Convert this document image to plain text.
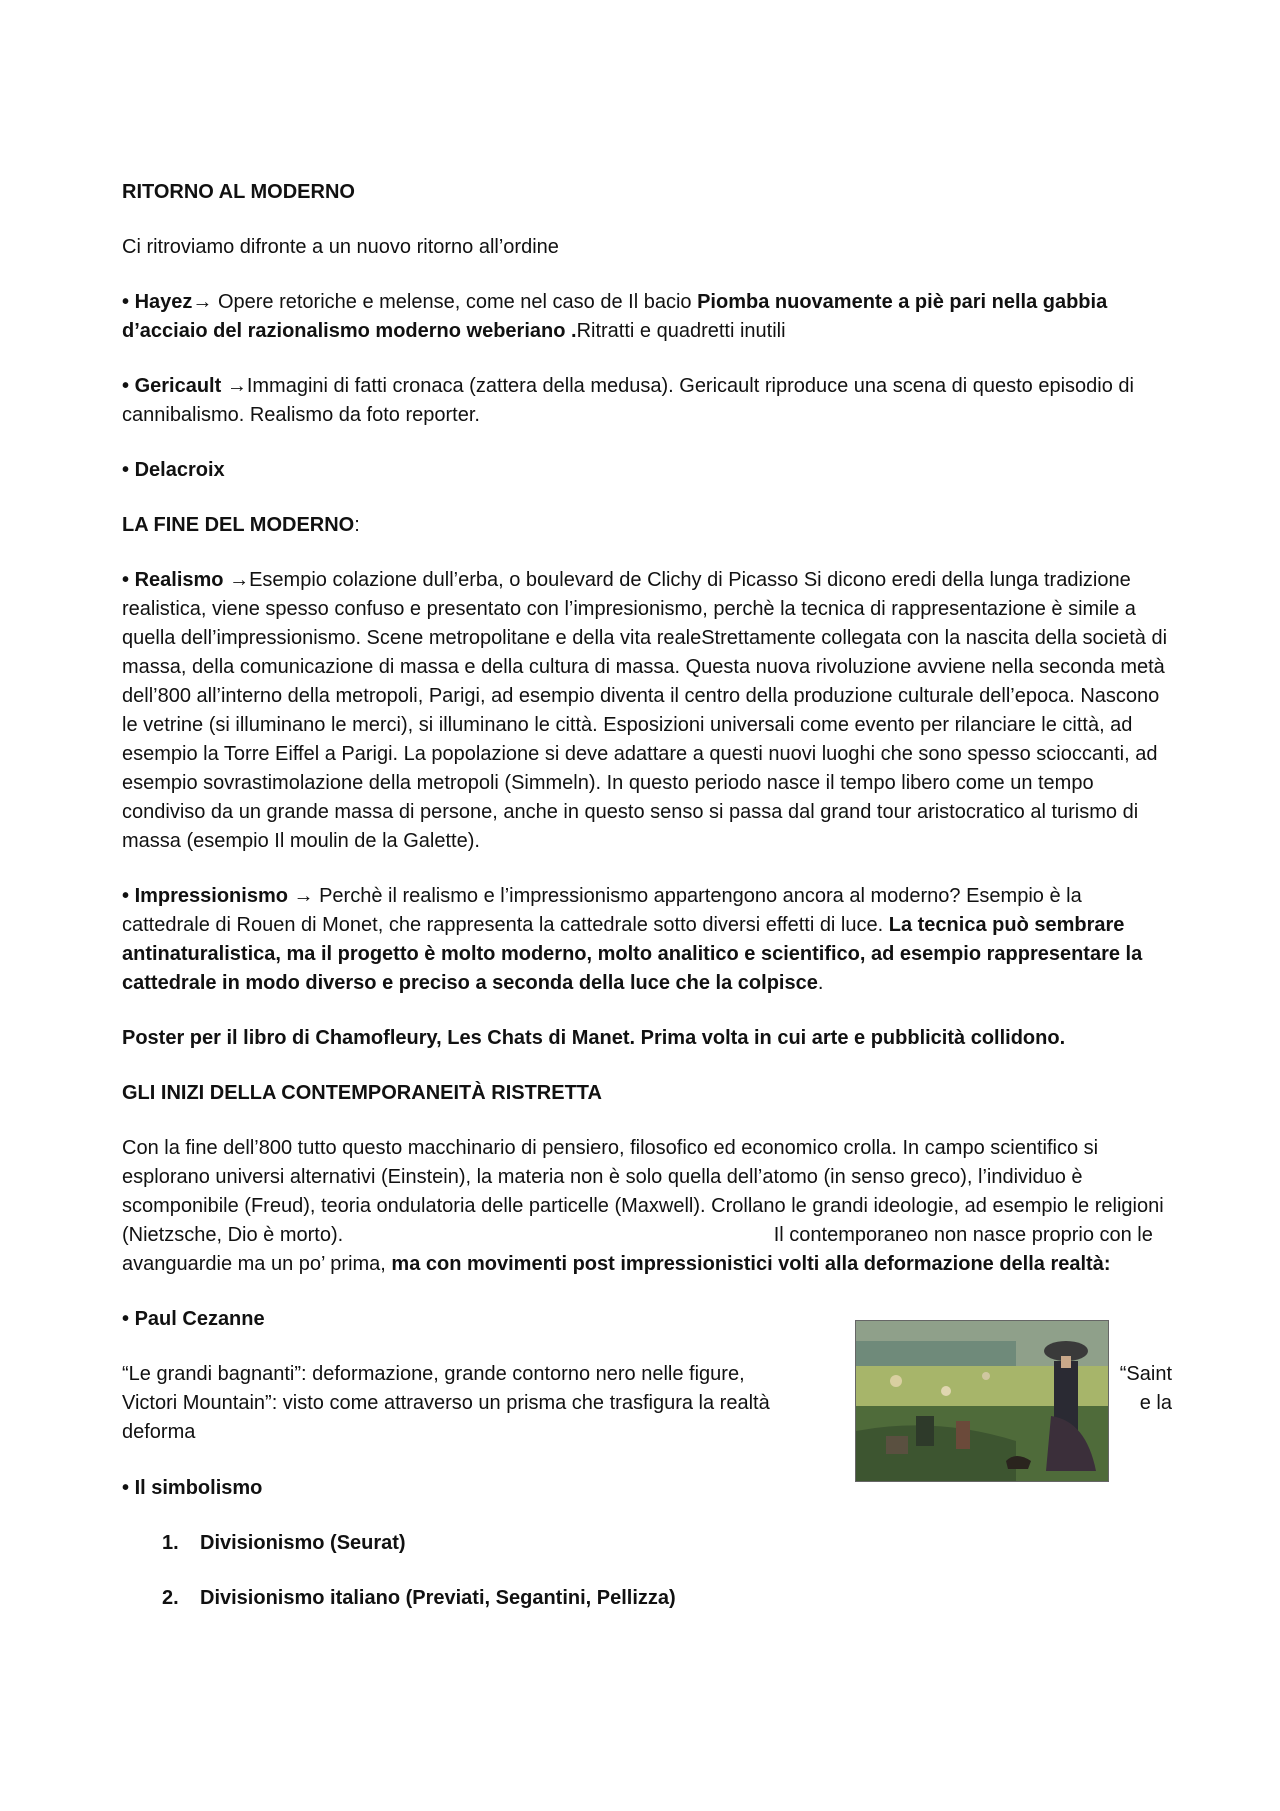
RITORNO AL MODERNO

Ci ritroviamo difronte a un nuovo ritorno all’ordine

• Hayez→ Opere retoriche e melense, come nel caso de Il bacio Piomba nuovamente a piè pari nella gabbia d’acciaio del razionalismo moderno weberiano .Ritratti e quadretti inutili

• Gericault →Immagini di fatti cronaca (zattera della medusa). Gericault riproduce una scena di questo episodio di cannibalismo. Realismo da foto reporter.

• Delacroix

LA FINE DEL MODERNO:

• Realismo →Esempio colazione dull’erba, o boulevard de Clichy di Picasso Si dicono eredi della lunga tradizione realistica, viene spesso confuso e presentato con l’impresionismo, perchè la tecnica di rappresentazione è simile a quella dell’impressionismo. Scene metropolitane e della vita realeStrettamente collegata con la nascita della società di massa, della comunicazione di massa e della cultura di massa. Questa nuova rivoluzione avviene nella seconda metà dell’800 all’interno della metropoli, Parigi, ad esempio diventa il centro della produzione culturale dell’epoca. Nascono le vetrine (si illuminano le merci), si illuminano le città. Esposizioni universali come evento per rilanciare le città, ad esempio la Torre Eiffel a Parigi. La popolazione si deve adattare a questi nuovi luoghi che sono spesso scioccanti, ad esempio sovrastimolazione della metropoli (Simmeln). In questo periodo nasce il tempo libero come un tempo condiviso da un grande massa di persone, anche in questo senso si passa dal grand tour aristocratico al turismo di massa (esempio Il moulin de la Galette).

• Impressionismo → Perchè il realismo e l’impressionismo appartengono ancora al moderno? Esempio è la cattedrale di Rouen di Monet, che rappresenta la cattedrale sotto diversi effetti di luce. La tecnica può sembrare antinaturalistica, ma il progetto è molto moderno, molto analitico e scientifico, ad esempio rappresentare la cattedrale in modo diverso e preciso a seconda della luce che la colpisce.

Poster per il libro di Chamofleury, Les Chats di Manet. Prima volta in cui arte e pubblicità collidono.

GLI INIZI DELLA CONTEMPORANEITÀ RISTRETTA

Con la fine dell’800 tutto questo macchinario di pensiero, filosofico ed economico crolla. In campo scientifico si esplorano universi alternativi (Einstein), la materia non è solo quella dell’atomo (in senso greco), l’individuo è scomponibile (Freud), teoria ondulatoria delle particelle (Maxwell). Crollano le grandi ideologie, ad esempio le religioni (Nietzsche, Dio è morto).	Il contemporaneo non nasce proprio con le avanguardie ma un po’ prima, ma con movimenti post impressionistici volti alla deformazione della realtà:

• Paul Cezanne

“Le grandi bagnanti”: deformazione, grande contorno nero nelle figure,	“Saint
Victori Mountain”: visto come attraverso un prisma che trasfigura la realtà	e la
deforma

• Il simbolismo

1. Divisionismo (Seurat)
2. Divisionismo italiano (Previati, Segantini, Pellizza)
